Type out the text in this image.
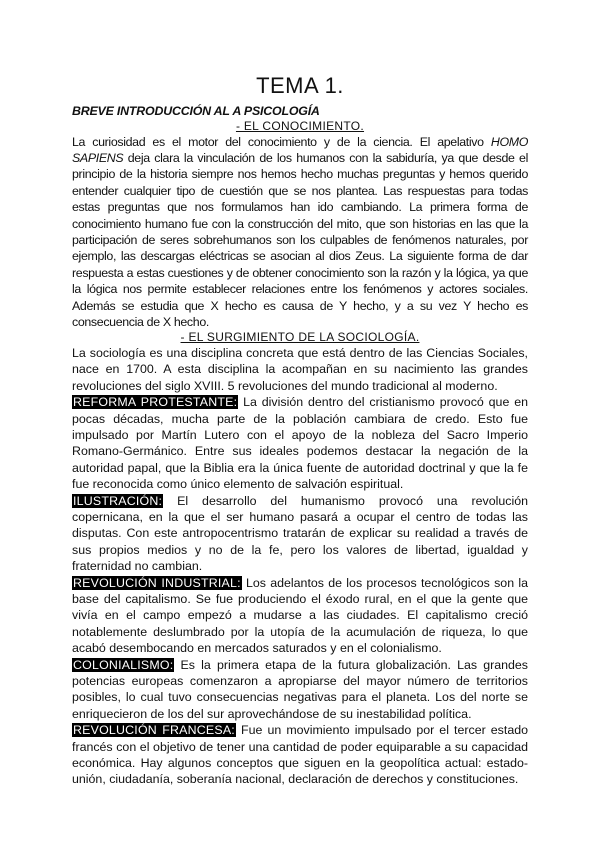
TEMA 1.
BREVE INTRODUCCIÓN AL A PSICOLOGÍA
- EL CONOCIMIENTO.

La curiosidad es el motor del conocimiento y de la ciencia. El apelativo HOMO SAPIENS deja clara la vinculación de los humanos con la sabiduría, ya que desde el principio de la historia siempre nos hemos hecho muchas preguntas y hemos querido entender cualquier tipo de cuestión que se nos plantea. Las respuestas para todas estas preguntas que nos formulamos han ido cambiando. La primera forma de conocimiento humano fue con la construcción del mito, que son historias en las que la participación de seres sobrehumanos son los culpables de fenómenos naturales, por ejemplo, las descargas eléctricas se asocian al dios Zeus. La siguiente forma de dar respuesta a estas cuestiones y de obtener conocimiento son la razón y la lógica, ya que la lógica nos permite establecer relaciones entre los fenómenos y actores sociales. Además se estudia que X hecho es causa de Y hecho, y a su vez Y hecho es consecuencia de X hecho.

- EL SURGIMIENTO DE LA SOCIOLOGÍA.

La sociología es una disciplina concreta que está dentro de las Ciencias Sociales, nace en 1700. A esta disciplina la acompañan en su nacimiento las grandes revoluciones del siglo XVIII. 5 revoluciones del mundo tradicional al moderno.

REFORMA PROTESTANTE: La división dentro del cristianismo provocó que en pocas décadas, mucha parte de la población cambiara de credo. Esto fue impulsado por Martín Lutero con el apoyo de la nobleza del Sacro Imperio Romano-Germánico. Entre sus ideales podemos destacar la negación de la autoridad papal, que la Biblia era la única fuente de autoridad doctrinal y que la fe fue reconocida como único elemento de salvación espiritual.

ILUSTRACIÓN: El desarrollo del humanismo provocó una revolución copernicana, en la que el ser humano pasará a ocupar el centro de todas las disputas. Con este antropocentrismo tratarán de explicar su realidad a través de sus propios medios y no de la fe, pero los valores de libertad, igualdad y fraternidad no cambian.

REVOLUCIÓN INDUSTRIAL: Los adelantos de los procesos tecnológicos son la base del capitalismo. Se fue produciendo el éxodo rural, en el que la gente que vivía en el campo empezó a mudarse a las ciudades. El capitalismo creció notablemente deslumbrado por la utopía de la acumulación de riqueza, lo que acabó desembocando en mercados saturados y en el colonialismo.

COLONIALISMO: Es la primera etapa de la futura globalización. Las grandes potencias europeas comenzaron a apropiarse del mayor número de territorios posibles, lo cual tuvo consecuencias negativas para el planeta. Los del norte se enriquecieron de los del sur aprovechándose de su inestabilidad política.

REVOLUCIÓN FRANCESA: Fue un movimiento impulsado por el tercer estado francés con el objetivo de tener una cantidad de poder equiparable a su capacidad económica. Hay algunos conceptos que siguen en la geopolítica actual: estado-unión, ciudadanía, soberanía nacional, declaración de derechos y constituciones.
